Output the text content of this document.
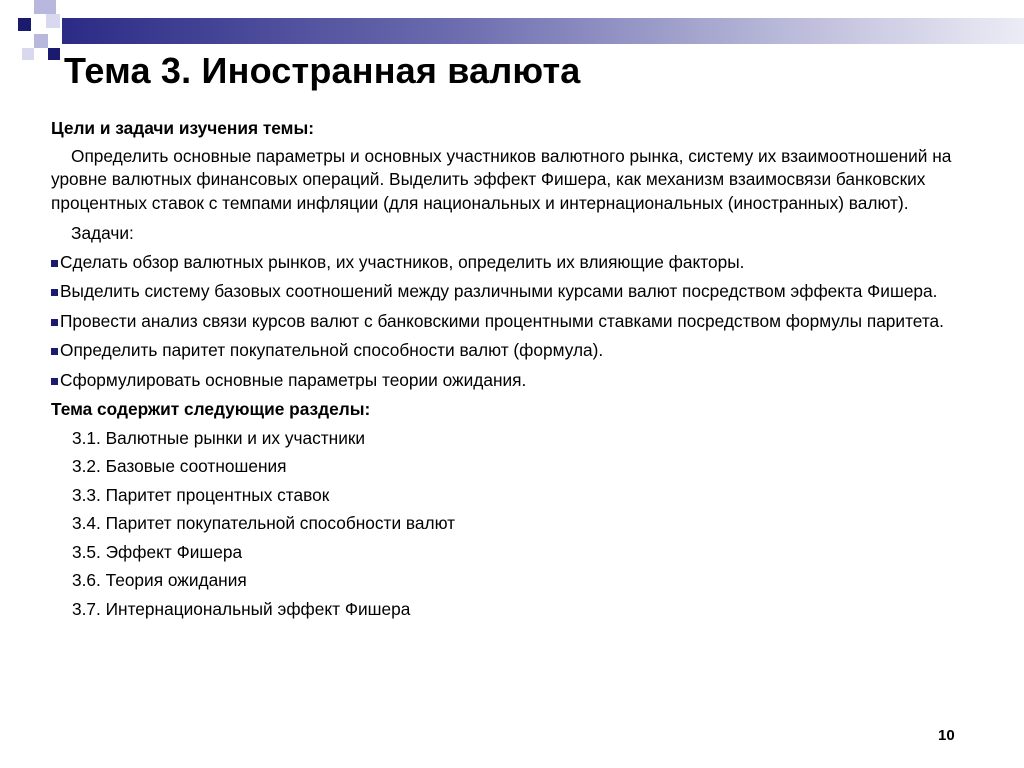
Тема 3. Иностранная валюта

Цели и задачи изучения темы:

Определить основные параметры и основных участников валютного рынка, систему их взаимоотношений на уровне валютных финансовых операций. Выделить эффект Фишера, как механизм взаимосвязи банковских процентных ставок с темпами инфляции (для национальных и интернациональных (иностранных) валют).

Задачи:

Сделать обзор валютных рынков, их участников, определить их влияющие факторы.

Выделить систему базовых соотношений между различными курсами валют посредством эффекта Фишера.

Провести анализ связи курсов валют с банковскими процентными ставками посредством формулы паритета.

Определить паритет покупательной способности валют (формула).

Сформулировать основные параметры теории ожидания.

Тема содержит следующие разделы:

3.1. Валютные рынки и их участники

3.2. Базовые соотношения

3.3. Паритет процентных ставок

3.4. Паритет покупательной способности валют

3.5. Эффект Фишера

3.6. Теория ожидания

3.7. Интернациональный эффект Фишера

10
